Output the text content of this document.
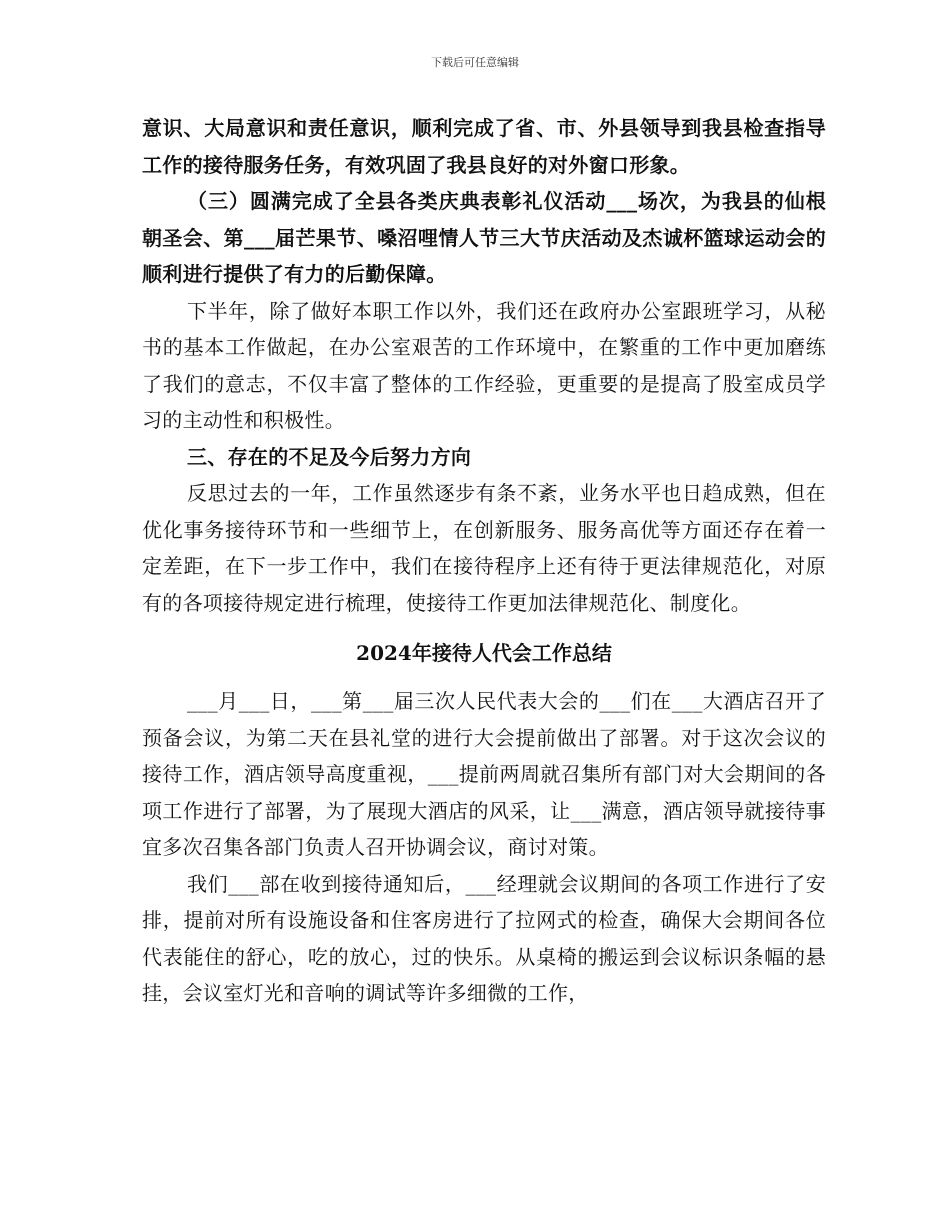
下载后可任意编辑

意识、大局意识和责任意识，顺利完成了省、市、外县领导到我县检查指导工作的接待服务任务，有效巩固了我县良好的对外窗口形象。

（三）圆满完成了全县各类庆典表彰礼仪活动___场次，为我县的仙根朝圣会、第___届芒果节、嗓沼哩情人节三大节庆活动及杰诚杯篮球运动会的顺利进行提供了有力的后勤保障。

下半年，除了做好本职工作以外，我们还在政府办公室跟班学习，从秘书的基本工作做起，在办公室艰苦的工作环境中，在繁重的工作中更加磨练了我们的意志，不仅丰富了整体的工作经验，更重要的是提高了股室成员学习的主动性和积极性。

三、存在的不足及今后努力方向

反思过去的一年，工作虽然逐步有条不紊，业务水平也日趋成熟，但在优化事务接待环节和一些细节上，在创新服务、服务高优等方面还存在着一定差距，在下一步工作中，我们在接待程序上还有待于更法律规范化，对原有的各项接待规定进行梳理，使接待工作更加法律规范化、制度化。

2024年接待人代会工作总结

___月___日，___第___届三次人民代表大会的___们在___大酒店召开了预备会议，为第二天在县礼堂的进行大会提前做出了部署。对于这次会议的接待工作，酒店领导高度重视，___提前两周就召集所有部门对大会期间的各项工作进行了部署，为了展现大酒店的风采，让___满意，酒店领导就接待事宜多次召集各部门负责人召开协调会议，商讨对策。

我们___部在收到接待通知后，___经理就会议期间的各项工作进行了安排，提前对所有设施设备和住客房进行了拉网式的检查，确保大会期间各位代表能住的舒心，吃的放心，过的快乐。从桌椅的搬运到会议标识条幅的悬挂，会议室灯光和音响的调试等许多细微的工作，
